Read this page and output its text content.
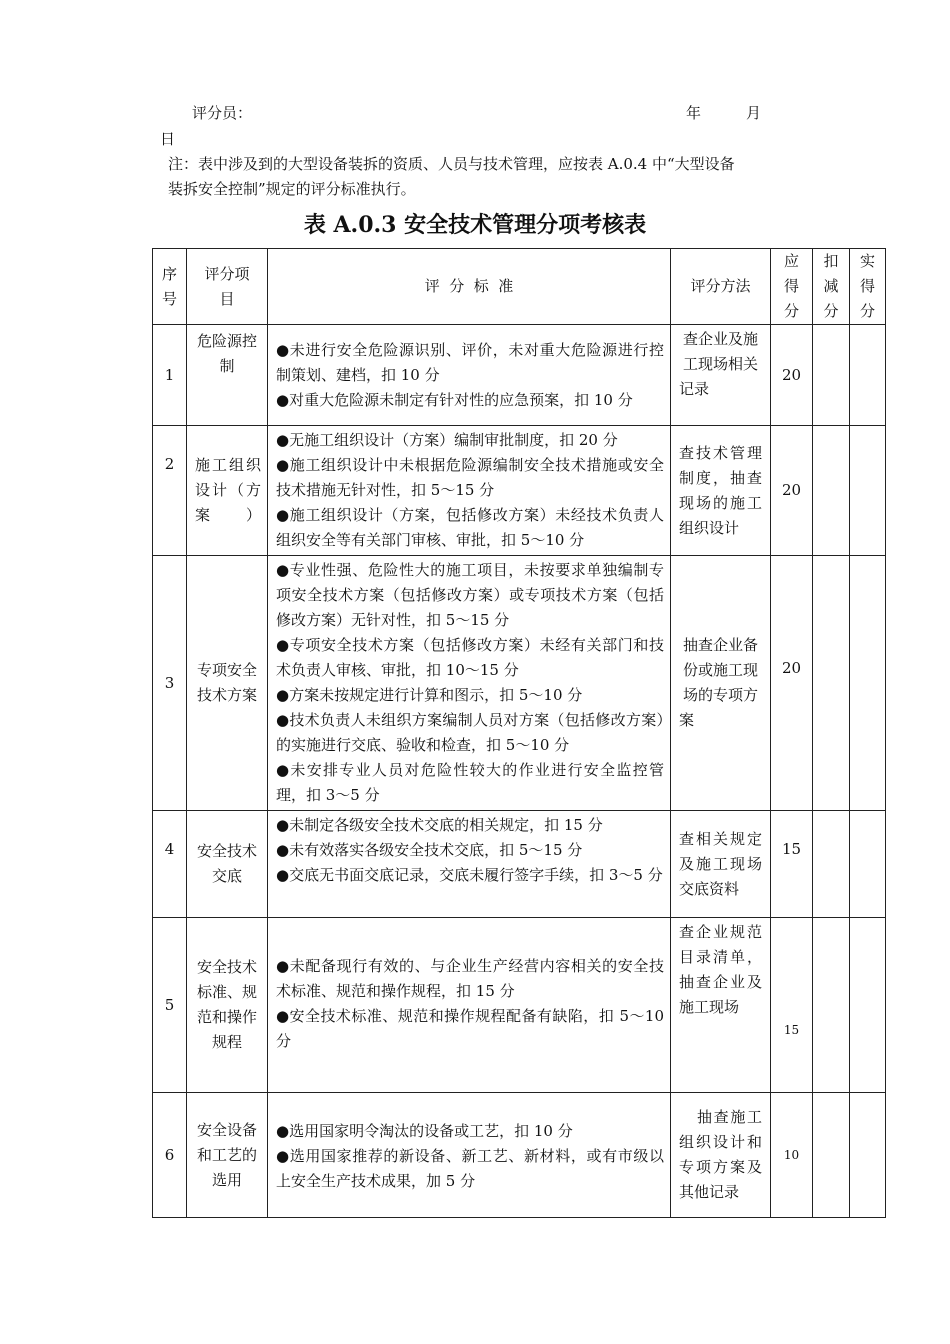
评分员：	年	月
日
注：表中涉及到的大型设备装拆的资质、人员与技术管理，应按表 A.0.4 中“大型设备
装拆安全控制”规定的评分标准执行。
表 A.0.3 安全技术管理分项考核表
序号	评分项目	评  分  标  准	评分方法	应得分	扣减分	实得分
1	危险源控制	●未进行安全危险源识别、评价，未对重大危险源进行控制策划、建档，扣 10 分
●对重大危险源未制定有针对性的应急预案，扣 10 分	查企业及施工现场相关记录	20		
2	施工组织设计（方案）	●无施工组织设计（方案）编制审批制度，扣 20 分
●施工组织设计中未根据危险源编制安全技术措施或安全技术措施无针对性，扣 5～15 分
●施工组织设计（方案，包括修改方案）未经技术负责人组织安全等有关部门审核、审批，扣 5～10 分	查技术管理制度，抽查现场的施工组织设计	20		
3	专项安全技术方案	●专业性强、危险性大的施工项目，未按要求单独编制专项安全技术方案（包括修改方案）或专项技术方案（包括修改方案）无针对性，扣 5～15 分
●专项安全技术方案（包括修改方案）未经有关部门和技术负责人审核、审批，扣 10～15 分
●方案未按规定进行计算和图示，扣 5～10 分
●技术负责人未组织方案编制人员对方案（包括修改方案）的实施进行交底、验收和检查，扣 5～10 分
●未安排专业人员对危险性较大的作业进行安全监控管理，扣 3～5 分	抽查企业备份或施工现场的专项方案	20		
4	安全技术交底	●未制定各级安全技术交底的相关规定，扣 15 分
●未有效落实各级安全技术交底，扣 5～15 分
●交底无书面交底记录，交底未履行签字手续，扣 3～5 分	查相关规定及施工现场交底资料	15		
5	安全技术标准、规范和操作规程	●未配备现行有效的、与企业生产经营内容相关的安全技术标准、规范和操作规程，扣 15 分
●安全技术标准、规范和操作规程配备有缺陷，扣 5～10 分	查企业规范目录清单，抽查企业及施工现场	15		
6	安全设备和工艺的选用	●选用国家明令淘汰的设备或工艺，扣 10 分
●选用国家推荐的新设备、新工艺、新材料，或有市级以上安全生产技术成果，加 5 分	抽查施工组织设计和专项方案及其他记录	10		
